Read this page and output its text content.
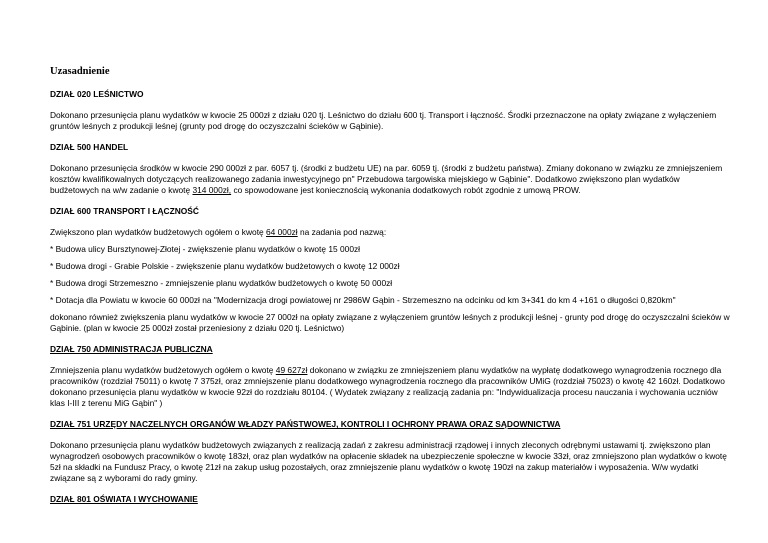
Uzasadnienie
DZIAŁ 020 LEŚNICTWO
Dokonano przesunięcia planu wydatków w kwocie 25 000zł z działu 020 tj. Leśnictwo do działu 600 tj. Transport i łączność. Środki przeznaczone na opłaty związane z wyłączeniem gruntów leśnych z produkcji leśnej (grunty pod drogę do oczyszczalni ścieków w Gąbinie).
DZIAŁ 500 HANDEL
Dokonano przesunięcia środków w kwocie 290 000zł z par. 6057 tj. (środki z budżetu UE) na par. 6059 tj. (środki z budżetu państwa). Zmiany dokonano w związku ze zmniejszeniem kosztów kwalifikowalnych dotyczących realizowanego zadania inwestycyjnego pn" Przebudowa targowiska miejskiego w Gąbinie". Dodatkowo zwiększono plan wydatków budżetowych na w/w zadanie o kwotę 314 000zł, co spowodowane jest koniecznością wykonania dodatkowych robót zgodnie z umową PROW.
DZIAŁ 600 TRANSPORT I ŁĄCZNOŚĆ
Zwiększono plan wydatków budżetowych ogółem o kwotę 64 000zł na zadania pod nazwą:
* Budowa ulicy Bursztynowej-Złotej - zwiększenie planu wydatków o kwotę 15 000zł
* Budowa drogi - Grabie Polskie - zwiększenie planu wydatków budżetowych o kwotę 12 000zł
* Budowa drogi Strzemeszno - zmniejszenie planu wydatków budżetowych o kwotę 50 000zł
* Dotacja dla Powiatu w kwocie 60 000zł na "Modernizacja drogi powiatowej nr 2986W Gąbin - Strzemeszno na odcinku od km 3+341 do km 4 +161 o długości 0,820km"
dokonano również zwiększenia planu wydatków w kwocie 27 000zł na opłaty związane z wyłączeniem gruntów leśnych z produkcji leśnej - grunty pod drogę do oczyszczalni ścieków w Gąbinie. (plan w kwocie 25 000zł został przeniesiony z działu 020 tj. Leśnictwo)
DZIAŁ 750 ADMINISTRACJA PUBLICZNA
Zmniejszenia planu wydatków budżetowych ogółem o kwotę 49 627zł dokonano w związku ze zmniejszeniem planu wydatków na wypłatę dodatkowego wynagrodzenia rocznego dla pracowników (rozdział 75011) o kwotę 7 375zł, oraz zmniejszenie planu dodatkowego wynagrodzenia rocznego dla pracowników UMiG (rozdział 75023) o kwotę 42 160zł. Dodatkowo dokonano przesunięcia planu wydatków w kwocie 92zł do rozdziału 80104. ( Wydatek związany z realizacją zadania pn: "Indywidualizacja procesu nauczania i wychowania uczniów klas I-III z terenu MiG Gąbin" )
DZIAŁ 751 URZĘDY NACZELNYCH ORGANÓW WŁADZY PAŃSTWOWEJ, KONTROLI I OCHRONY PRAWA ORAZ SĄDOWNICTWA
Dokonano przesunięcia planu wydatków budżetowych związanych z realizacją zadań z zakresu administracji rządowej i innych zleconych odrębnymi ustawami tj. zwiększono plan wynagrodzeń osobowych pracowników o kwotę 183zł, oraz plan wydatków na opłacenie składek na ubezpieczenie społeczne w kwocie 33zł, oraz zmniejszono plan wydatków o kwotę 5zł na składki na Fundusz Pracy, o kwotę 21zł na zakup usług pozostałych, oraz zmniejszenie planu wydatków o kwotę 190zł na zakup materiałów i wyposażenia. W/w wydatki związane są z wyborami do rady gminy.
DZIAŁ 801 OŚWIATA I WYCHOWANIE
